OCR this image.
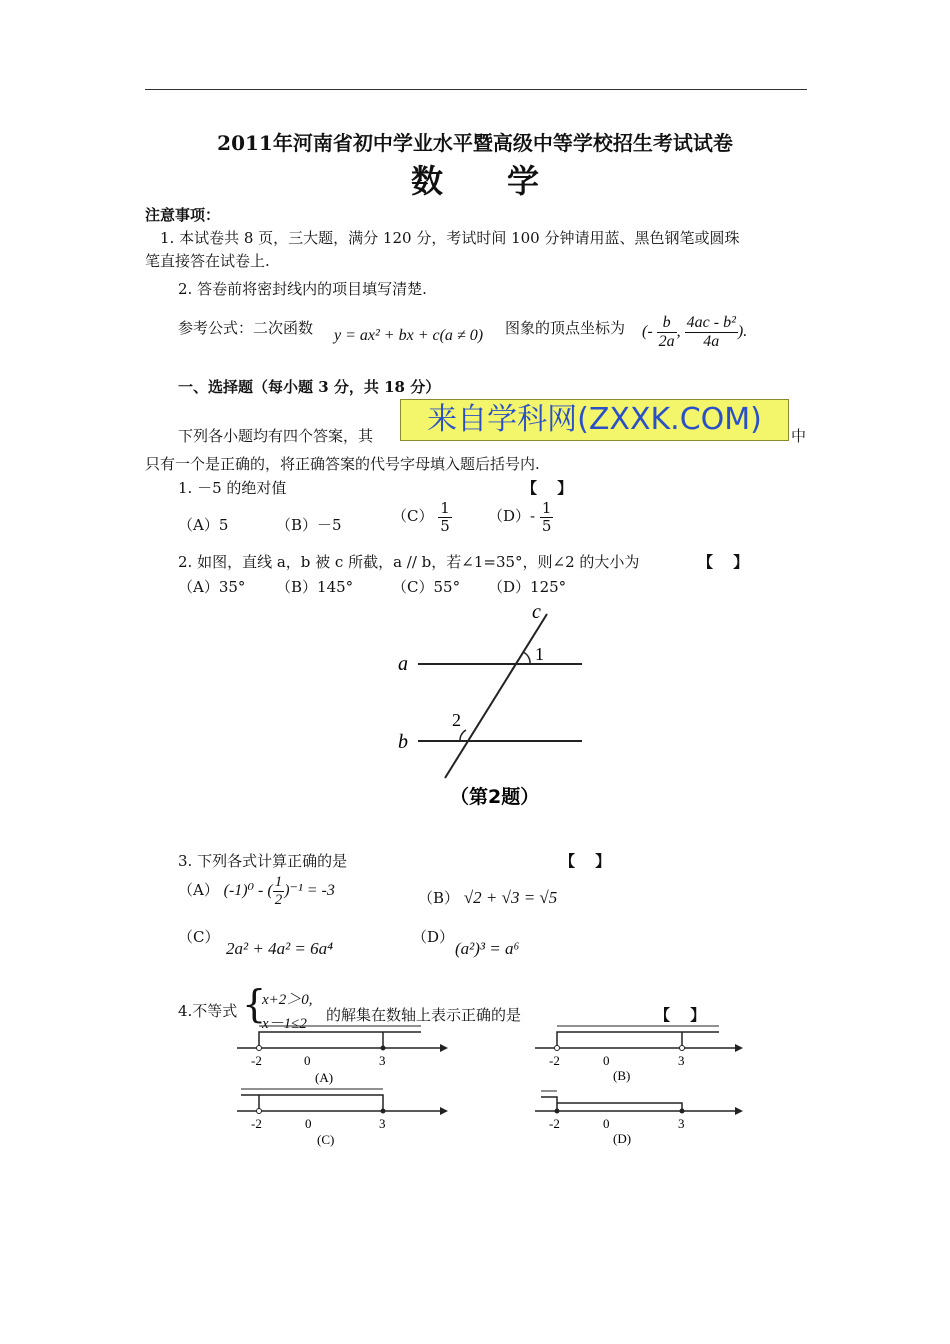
2011年河南省初中学业水平暨高级中等学校招生考试试卷
数　　学
注意事项：
1. 本试卷共 8 页，三大题，满分 120 分，考试时间 100 分钟请用蓝、黑色钢笔或圆珠
笔直接答在试卷上.
2. 答卷前将密封线内的项目填写清楚.
参考公式：二次函数 y = ax² + bx + c(a ≠ 0) 图象的顶点坐标为 (- $\frac{b}{2a}$ , $\frac{\text{4ac - b²}}{4a}$ ).
一、选择题（每小题 3 分，共 18 分）
下列各小题均有四个答案，其	来自学科网(ZXXK.COM)	中
只有一个是正确的，将正确答案的代号字母填入题后括号内.
1. －5 的绝对值	【　 】
（A）5	（B）－5	$(C) \frac{1}{5} (D)- \frac{1}{5}$
2. 如图，直线 a，b 被 c 所截，a // b，若∠1=35°，则∠2 的大小为	【　 】
（A）35° （B）145°	（C）55° （D）125°
a
b
c
1
2
（第2题）
3. 下列各式计算正确的是	【　 】
（A） (-1)⁰ - ( $\frac{1}{2} )^{-1} = -3$	（B） √2 + √3 = √5
（C）
2a² + 4a² = 6a⁴
（D）
(a²)³ = a⁶
4.不等式 {
x+2＞0,
x－1≤2 的解集在数轴上表示正确的是	【　 】
-2	0	3
(A)
-2	0	3
(B)
-2	0	3
(C)
-2	0	3
(D)
